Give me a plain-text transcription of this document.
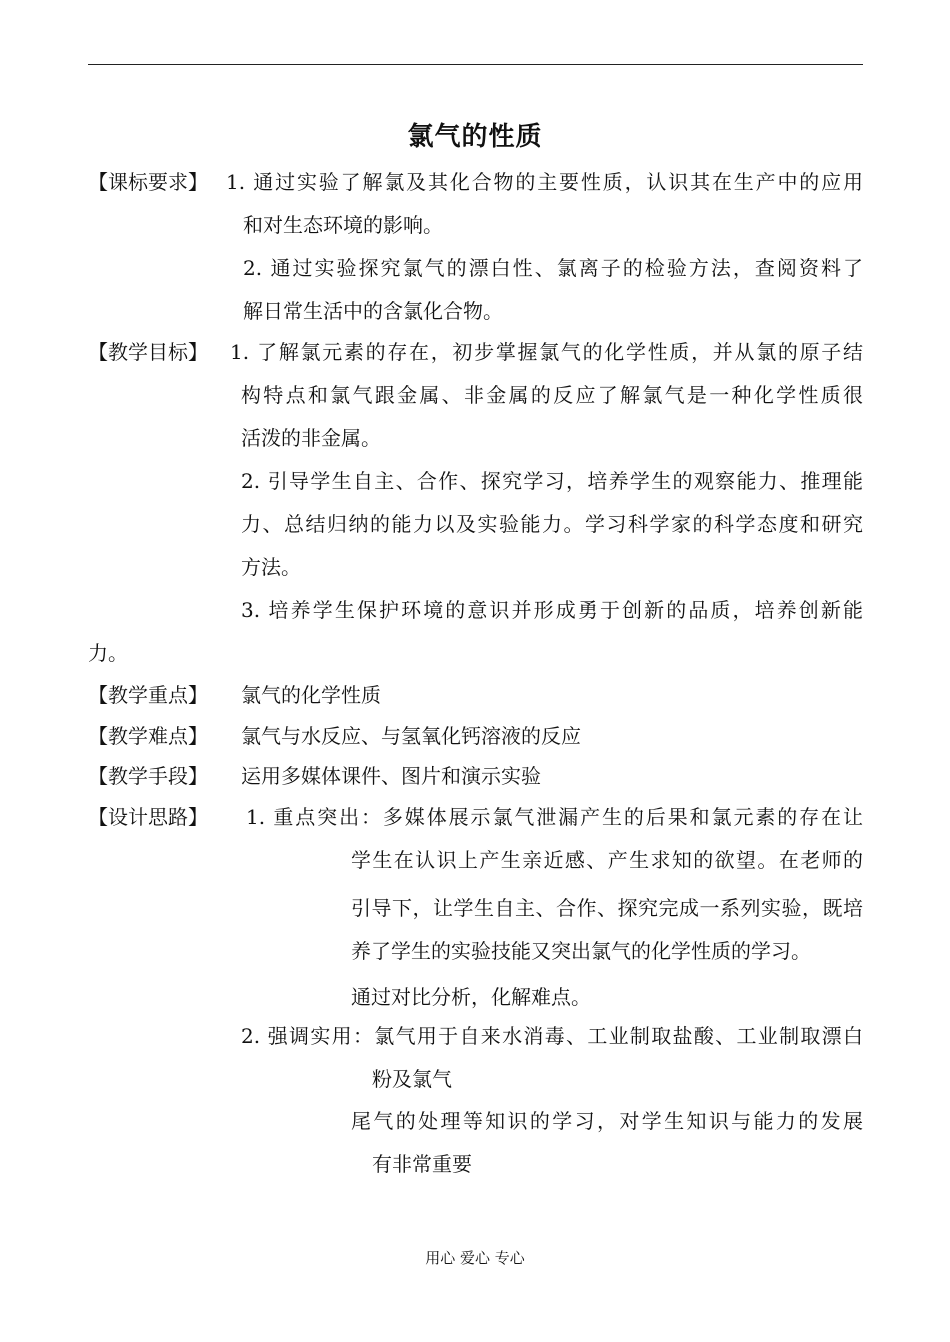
氯气的性质
【课标要求】 1. 通过实验了解氯及其化合物的主要性质，认识其在生产中的应用
和对生态环境的影响。
2. 通过实验探究氯气的漂白性、氯离子的检验方法，查阅资料了
解日常生活中的含氯化合物。
【教学目标】 1. 了解氯元素的存在，初步掌握氯气的化学性质，并从氯的原子结
构特点和氯气跟金属、非金属的反应了解氯气是一种化学性质很
活泼的非金属。
2. 引导学生自主、合作、探究学习，培养学生的观察能力、推理能
力、总结归纳的能力以及实验能力。学习科学家的科学态度和研究
方法。
3. 培养学生保护环境的意识并形成勇于创新的品质，培养创新能
力。
【教学重点】 氯气的化学性质
【教学难点】 氯气与水反应、与氢氧化钙溶液的反应
【教学手段】 运用多媒体课件、图片和演示实验
【设计思路】 1. 重点突出：多媒体展示氯气泄漏产生的后果和氯元素的存在让
学生在认识上产生亲近感、产生求知的欲望。在老师的
引导下，让学生自主、合作、探究完成一系列实验，既培
养了学生的实验技能又突出氯气的化学性质的学习。
通过对比分析，化解难点。
2. 强调实用：氯气用于自来水消毒、工业制取盐酸、工业制取漂白
粉及氯气
尾气的处理等知识的学习，对学生知识与能力的发展
有非常重要
用心 爱心 专心
